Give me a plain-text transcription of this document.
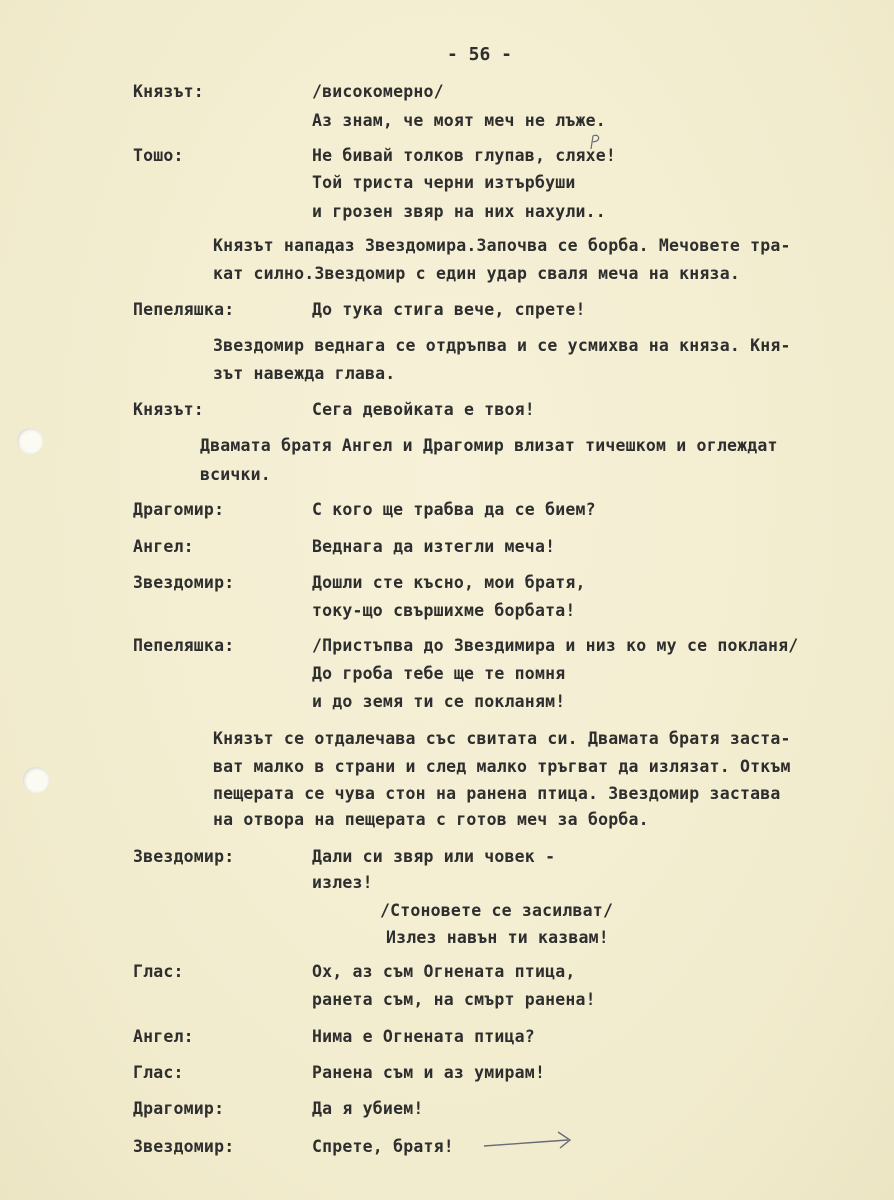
- 56 -
Князът:	/високомерно/
Аз знам, че моят меч не лъже.
Тошо:	Не бивай толков глупав, сляхе!
Той триста черни изтърбуши
и грозен звяр на них нахули..
Князът нападаз Звездомира.Започва се борба. Мечовете тра-
кат силно.Звездомир с един удар сваля меча на княза.
Пепеляшка:	До тука стига вече, спрете!
Звездомир веднага се отдръпва и се усмихва на княза. Кня-
зът навежда глава.
Князът:	Сега девойката е твоя!
Двамата братя Ангел и Драгомир влизат тичешком и оглеждат
всички.
Драгомир:	С кого ще трабва да се бием?
Ангел:	Веднага да изтегли меча!
Звездомир:	Дошли сте късно, мои братя,
току-що свършихме борбата!
Пепеляшка:	/Пристъпва до Звездимира и низ ко му се покланя/
До гроба тебе ще те помня
и до земя ти се покланям!
Князът се отдалечава със свитата си. Двамата братя заста-
ват малко в страни и след малко тръгват да излязат. Откъм
пещерата се чува стон на ранена птица. Звездомир застава
на отвора на пещерата с готов меч за борба.
Звездомир:	Дали си звяр или човек -
излез!
/Стоновете се засилват/
Излез навън ти казвам!
Глас:	Ох, аз съм Огнената птица,
ранета съм, на смърт ранена!
Ангел:	Нима е Огнената птица?
Глас:	Ранена съм и аз умирам!
Драгомир:	Да я убием!
Звездомир:	Спрете, братя!
